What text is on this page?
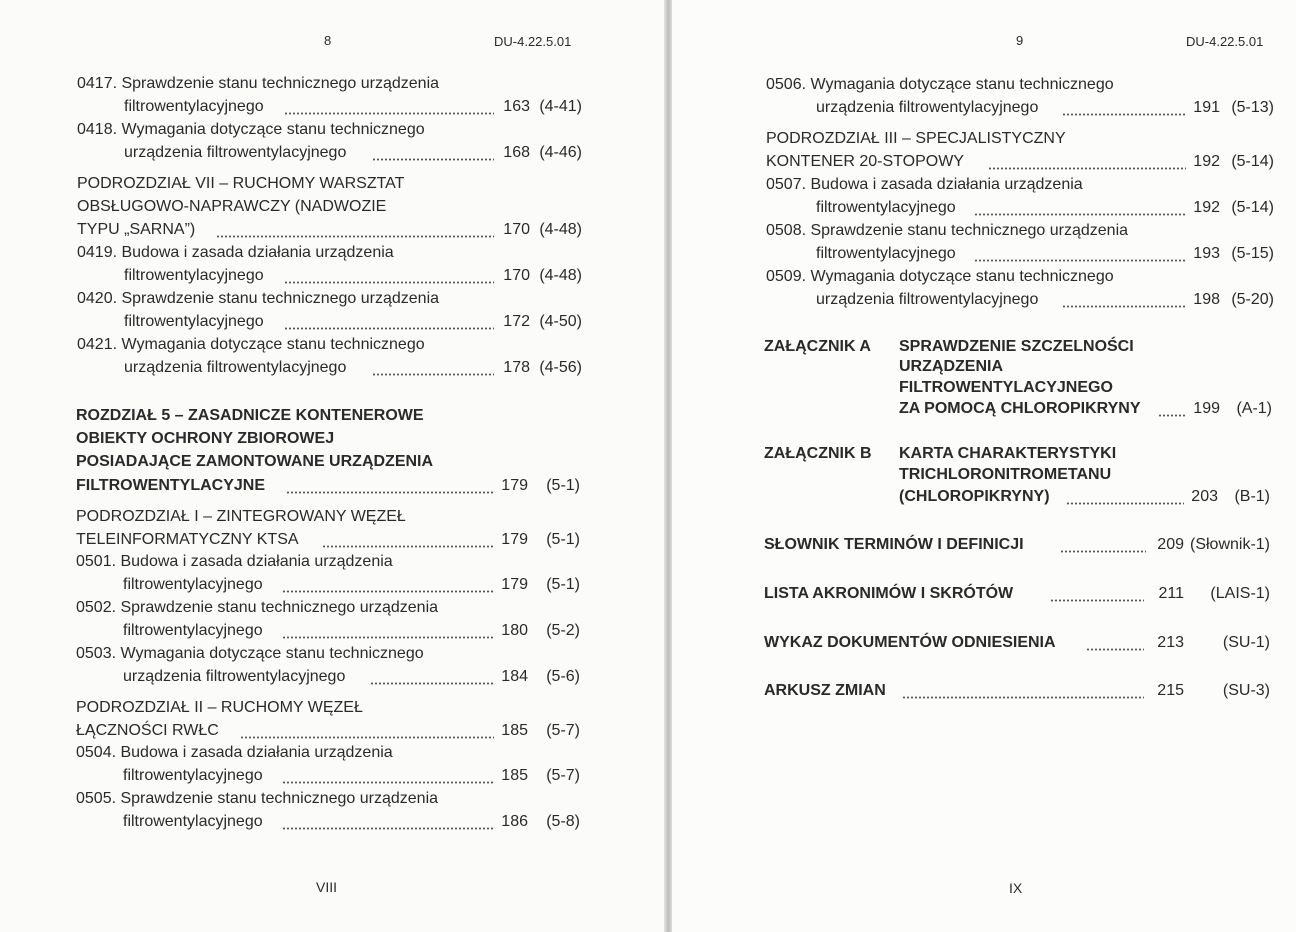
8	DU-4.22.5.01
0417. Sprawdzenie stanu technicznego urządzenia
filtrowentylacyjnego	163 (4-41)
0418. Wymagania dotyczące stanu technicznego
urządzenia filtrowentylacyjnego	168 (4-46)
PODROZDZIAŁ VII – RUCHOMY WARSZTAT
OBSŁUGOWO-NAPRAWCZY (NADWOZIE
TYPU „SARNA”)	170 (4-48)
0419. Budowa i zasada działania urządzenia
filtrowentylacyjnego	170 (4-48)
0420. Sprawdzenie stanu technicznego urządzenia
filtrowentylacyjnego	172 (4-50)
0421. Wymagania dotyczące stanu technicznego
urządzenia filtrowentylacyjnego	178 (4-56)
ROZDZIAŁ 5 – ZASADNICZE KONTENEROWE
OBIEKTY OCHRONY ZBIOROWEJ
POSIADAJĄCE ZAMONTOWANE URZĄDZENIA
FILTROWENTYLACYJNE	179	(5-1)
PODROZDZIAŁ I – ZINTEGROWANY WĘZEŁ
TELEINFORMATYCZNY KTSA	179	(5-1)
0501. Budowa i zasada działania urządzenia
filtrowentylacyjnego	179	(5-1)
0502. Sprawdzenie stanu technicznego urządzenia
filtrowentylacyjnego	180	(5-2)
0503. Wymagania dotyczące stanu technicznego
urządzenia filtrowentylacyjnego	184	(5-6)
PODROZDZIAŁ II – RUCHOMY WĘZEŁ
ŁĄCZNOŚCI RWŁC	185	(5-7)
0504. Budowa i zasada działania urządzenia
filtrowentylacyjnego	185	(5-7)
0505. Sprawdzenie stanu technicznego urządzenia
filtrowentylacyjnego	186	(5-8)
VIII
9	DU-4.22.5.01
0506. Wymagania dotyczące stanu technicznego
urządzenia filtrowentylacyjnego	191 (5-13)
PODROZDZIAŁ III – SPECJALISTYCZNY
KONTENER 20-STOPOWY	192 (5-14)
0507. Budowa i zasada działania urządzenia
filtrowentylacyjnego	192 (5-14)
0508. Sprawdzenie stanu technicznego urządzenia
filtrowentylacyjnego	193 (5-15)
0509. Wymagania dotyczące stanu technicznego
urządzenia filtrowentylacyjnego	198 (5-20)
ZAŁĄCZNIK A SPRAWDZENIE SZCZELNOŚCI
URZĄDZENIA
FILTROWENTYLACYJNEGO
ZA POMOCĄ CHLOROPIKRYNY	199	(A-1)
ZAŁĄCZNIK B KARTA CHARAKTERYSTYKI
TRICHLORONITROMETANU
(CHLOROPIKRYNY)	203	(B-1)
SŁOWNIK TERMINÓW I DEFINICJI	209 (Słownik-1)
LISTA AKRONIMÓW I SKRÓTÓW	211	(LAIS-1)
WYKAZ DOKUMENTÓW ODNIESIENIA	213	(SU-1)
ARKUSZ ZMIAN	215	(SU-3)
IX
